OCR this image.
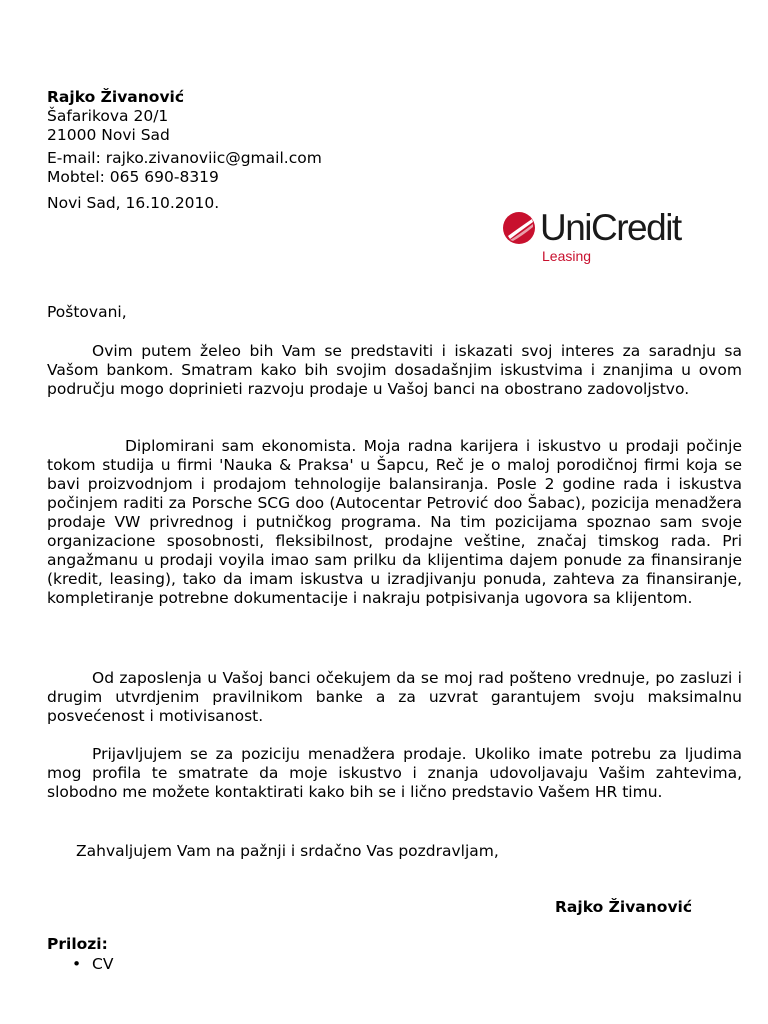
Rajko Živanović
Šafarikova 20/1
21000 Novi Sad
E-mail: rajko.zivanoviic@gmail.com
Mobtel: 065 690-8319
Novi Sad, 16.10.2010.
UniCredit
Leasing
Poštovani,

Ovim putem želeo bih Vam se predstaviti i iskazati svoj interes za saradnju sa Vašom bankom. Smatram kako bih svojim dosadašnjim iskustvima i znanjima u ovom području mogo doprinieti razvoju prodaje u Vašoj banci na obostrano zadovoljstvo.

Diplomirani sam ekonomista. Moja radna karijera i iskustvo u prodaji počinje tokom studija u firmi 'Nauka & Praksa' u Šapcu, Reč je o maloj porodičnoj firmi koja se bavi proizvodnjom i prodajom tehnologije balansiranja. Posle 2 godine rada i iskustva počinjem raditi za Porsche SCG doo (Autocentar Petrović doo Šabac), pozicija menadžera prodaje VW privrednog i putničkog programa. Na tim pozicijama spoznao sam svoje organizacione sposobnosti, fleksibilnost, prodajne veštine, značaj timskog rada. Pri angažmanu u prodaji voyila imao sam prilku da klijentima dajem ponude za finansiranje (kredit, leasing), tako da imam iskustva u izradjivanju ponuda, zahteva za finansiranje, kompletiranje potrebne dokumentacije i nakraju potpisivanja ugovora sa klijentom.

Od zaposlenja u Vašoj banci očekujem da se moj rad pošteno vrednuje, po zasluzi i drugim utvrdjenim pravilnikom banke a za uzvrat garantujem svoju maksimalnu posvećenost i motivisanost.

Prijavljujem se za poziciju menadžera prodaje. Ukoliko imate potrebu za ljudima mog profila te smatrate da moje iskustvo i znanja udovoljavaju Vašim zahtevima, slobodno me možete kontaktirati kako bih se i lično predstavio Vašem HR timu.

Zahvaljujem Vam na pažnji i srdačno Vas pozdravljam,
Rajko Živanović
Prilozi:
• CV
